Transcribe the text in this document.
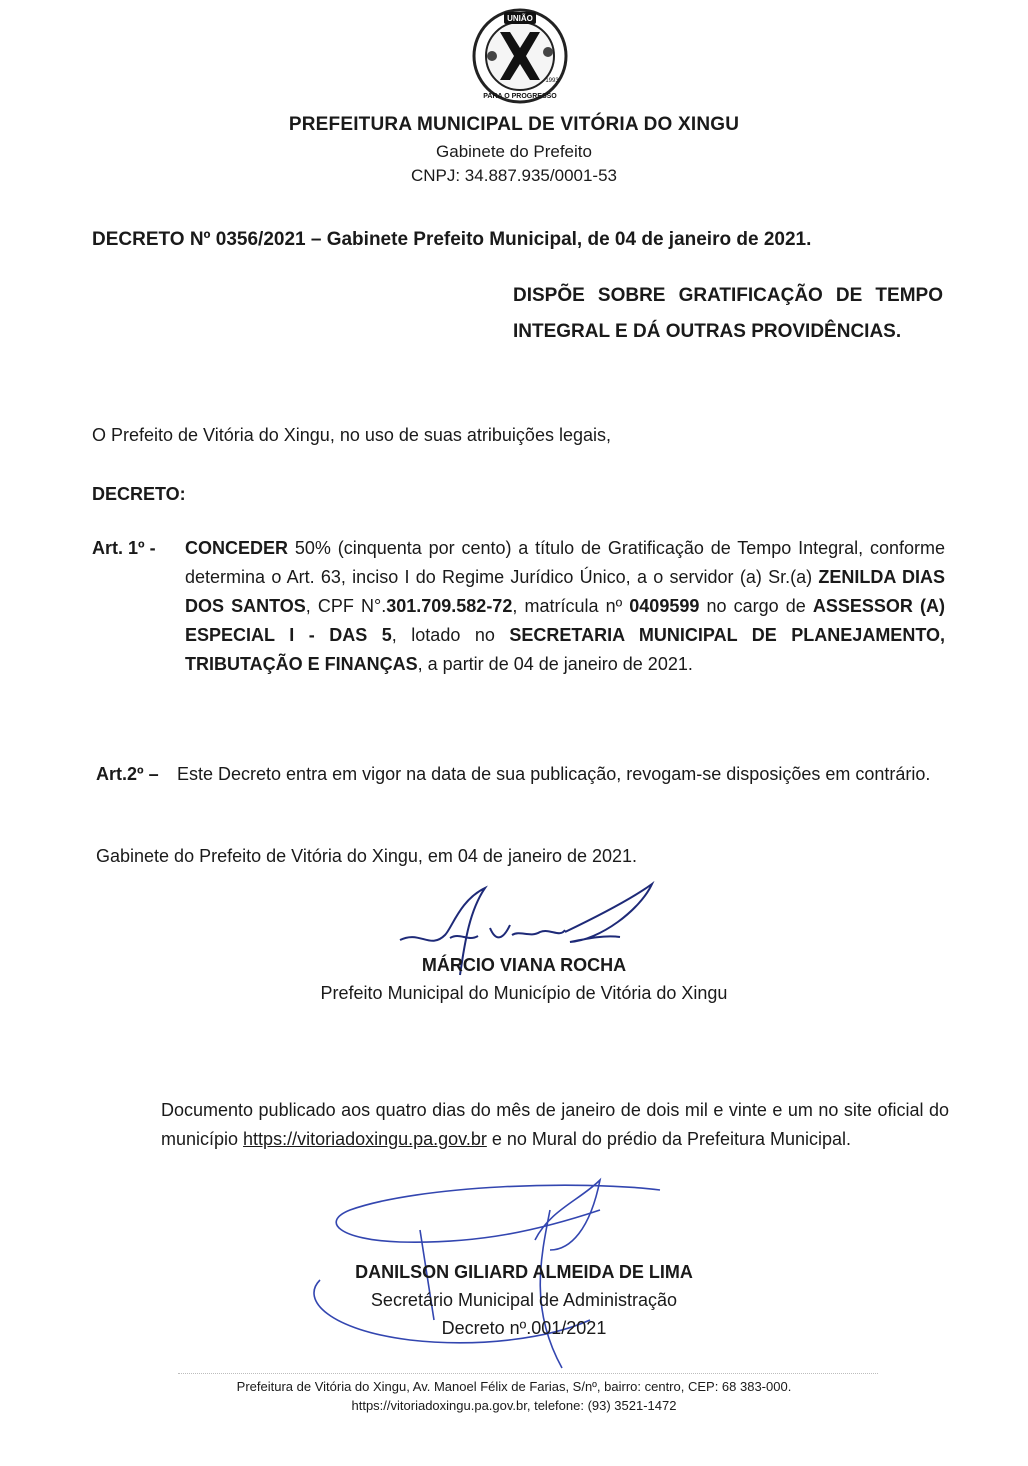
UNIÃO
PARA O PROGRESSO
1993
PREFEITURA MUNICIPAL DE VITÓRIA DO XINGU
Gabinete do Prefeito
CNPJ: 34.887.935/0001-53
DECRETO Nº 0356/2021 – Gabinete Prefeito Municipal, de 04 de janeiro de 2021.
DISPÕE SOBRE GRATIFICAÇÃO DE TEMPO INTEGRAL E DÁ OUTRAS PROVIDÊNCIAS.
O Prefeito de Vitória do Xingu, no uso de suas atribuições legais,
DECRETO:
Art. 1º - CONCEDER 50% (cinquenta por cento) a título de Gratificação de Tempo Integral, conforme determina o Art. 63, inciso I do Regime Jurídico Único, a o servidor (a) Sr.(a) ZENILDA DIAS DOS SANTOS, CPF N°.301.709.582-72, matrícula nº 0409599 no cargo de ASSESSOR (A) ESPECIAL I - DAS 5, lotado no SECRETARIA MUNICIPAL DE PLANEJAMENTO, TRIBUTAÇÃO E FINANÇAS, a partir de 04 de janeiro de 2021.
Art.2º – Este Decreto entra em vigor na data de sua publicação, revogam-se disposições em contrário.
Gabinete do Prefeito de Vitória do Xingu, em 04 de janeiro de 2021.
MÁRCIO VIANA ROCHA
Prefeito Municipal do Município de Vitória do Xingu
Documento publicado aos quatro dias do mês de janeiro de dois mil e vinte e um no site oficial do município https://vitoriadoxingu.pa.gov.br e no Mural do prédio da Prefeitura Municipal.
DANILSON GILIARD ALMEIDA DE LIMA
Secretário Municipal de Administração
Decreto nº.001/2021
Prefeitura de Vitória do Xingu, Av. Manoel Félix de Farias, S/nº, bairro: centro, CEP: 68 383-000.
https://vitoriadoxingu.pa.gov.br, telefone: (93) 3521-1472
